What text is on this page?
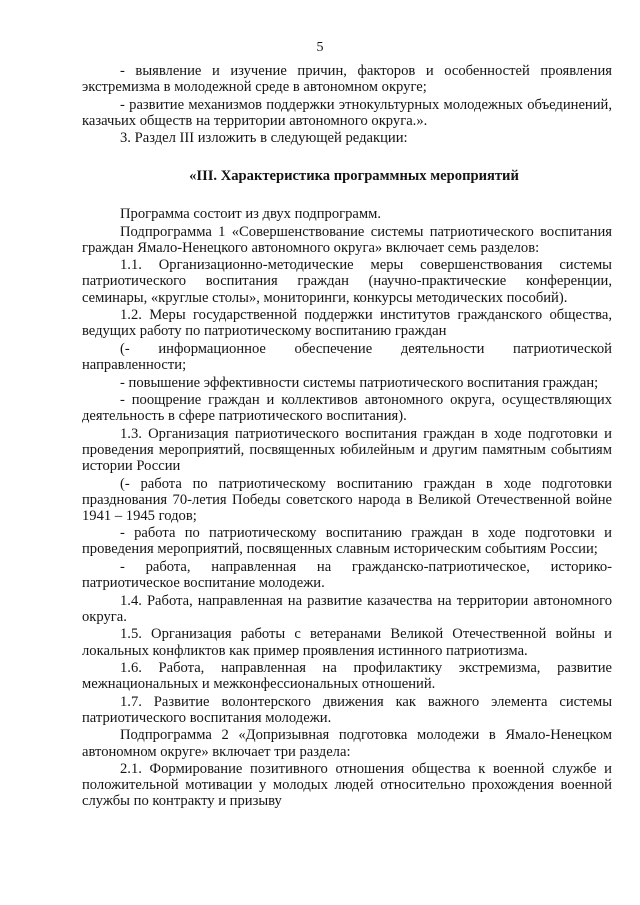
5

- выявление и изучение причин, факторов и особенностей проявления экстремизма в молодежной среде в автономном округе;

- развитие механизмов поддержки этнокультурных молодежных объединений, казачьих обществ на территории автономного округа.».

3. Раздел III изложить в следующей редакции:

«III. Характеристика программных мероприятий

Программа состоит из двух подпрограмм.

Подпрограмма 1 «Совершенствование системы патриотического воспитания граждан Ямало-Ненецкого автономного округа» включает семь разделов:

1.1. Организационно-методические меры совершенствования системы патриотического воспитания граждан (научно-практические конференции, семинары, «круглые столы», мониторинги, конкурсы методических пособий).

1.2. Меры государственной поддержки институтов гражданского общества, ведущих работу по патриотическому воспитанию граждан

(- информационное обеспечение деятельности патриотической направленности;

- повышение эффективности системы патриотического воспитания граждан;

- поощрение граждан и коллективов автономного округа, осуществляющих деятельность в сфере патриотического воспитания).

1.3. Организация патриотического воспитания граждан в ходе подготовки и проведения мероприятий, посвященных юбилейным и другим памятным событиям истории России

(- работа по патриотическому воспитанию граждан в ходе подготовки празднования 70-летия Победы советского народа в Великой Отечественной войне 1941 – 1945 годов;

- работа по патриотическому воспитанию граждан в ходе подготовки и проведения мероприятий, посвященных славным историческим событиям России;

- работа, направленная на гражданско-патриотическое, историко-патриотическое воспитание молодежи.

1.4. Работа, направленная на развитие казачества на территории автономного округа.

1.5. Организация работы с ветеранами Великой Отечественной войны и локальных конфликтов как пример проявления истинного патриотизма.

1.6. Работа, направленная на профилактику экстремизма, развитие межнациональных и межконфессиональных отношений.

1.7. Развитие волонтерского движения как важного элемента системы патриотического воспитания молодежи.

Подпрограмма 2 «Допризывная подготовка молодежи в Ямало-Ненецком автономном округе» включает три раздела:

2.1. Формирование позитивного отношения общества к военной службе и положительной мотивации у молодых людей относительно прохождения военной службы по контракту и призыву
